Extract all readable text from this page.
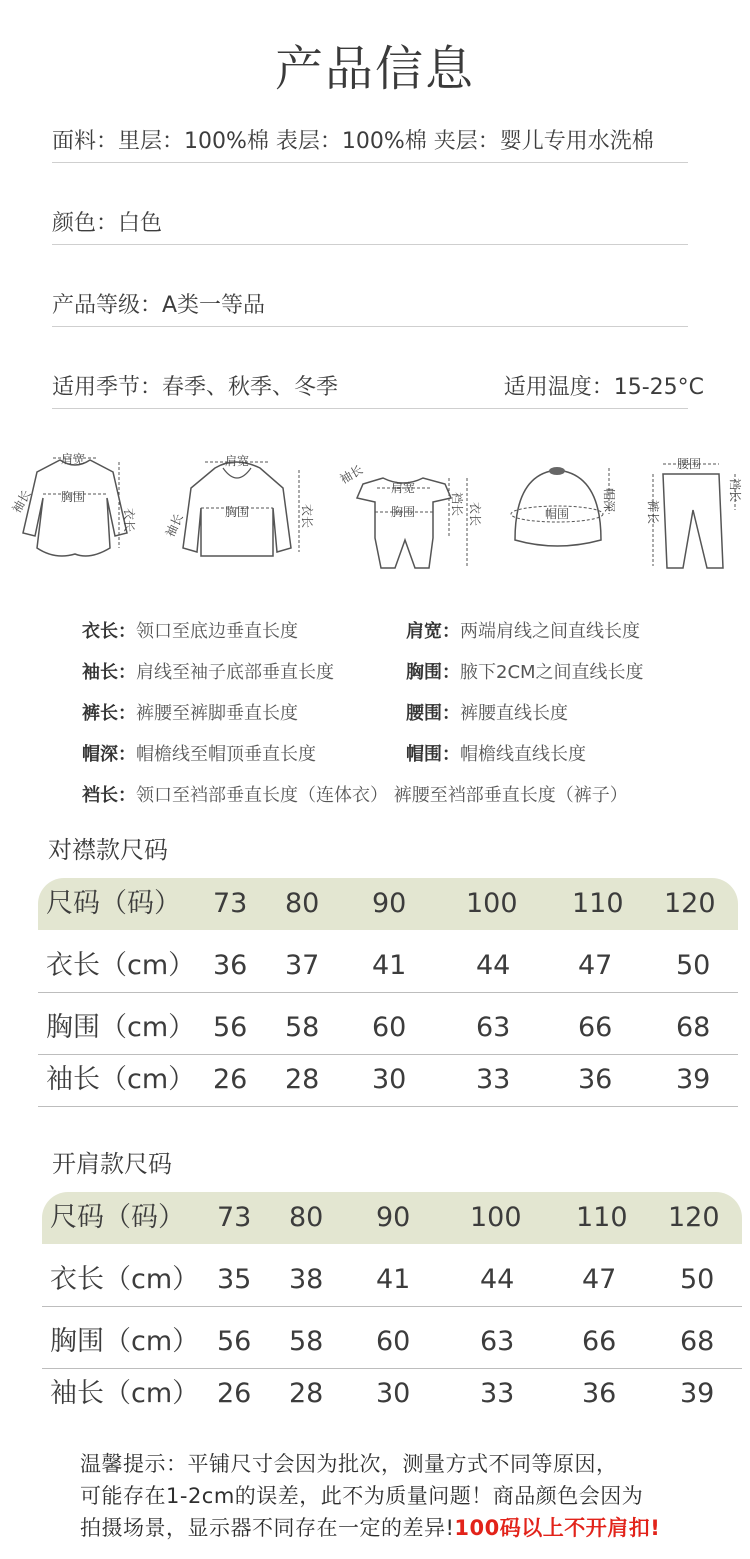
产品信息
面料：里层：100%棉 表层：100%棉 夹层：婴儿专用水洗棉
颜色：白色
产品等级：A类一等品
适用季节：春季、秋季、冬季	适用温度：15-25°C
肩宽
胸围
衣长
袖长
肩宽
胸围	衣长
袖长
肩宽
胸围
袖长
裆长 衣长	帽围
帽深
腰围
裤长
裆长
衣长：领口至底边垂直长度	肩宽：两端肩线之间直线长度
袖长：肩线至袖子底部垂直长度	胸围：腋下2CM之间直线长度
裤长：裤腰至裤脚垂直长度	腰围：裤腰直线长度
帽深：帽檐线至帽顶垂直长度	帽围：帽檐线直线长度
裆长：领口至裆部垂直长度（连体衣） 裤腰至裆部垂直长度（裤子）
对襟款尺码
尺码（码） 73 80 90 100 110 120
衣长（cm） 36 37 41	44	47 50
胸围（cm） 56 58 60	63	66 68
袖长（cm） 26 28 30	33	36 39
开肩款尺码
尺码（码） 73 80 90 100 110 120
衣长（cm） 35 38 41	44	47 50
胸围（cm） 56 58 60	63	66 68
袖长（cm） 26 28 30	33	36 39
温馨提示：平铺尺寸会因为批次，测量方式不同等原因，
可能存在1-2cm的误差，此不为质量问题！商品颜色会因为
拍摄场景，显示器不同存在一定的差异!100码以上不开肩扣!
